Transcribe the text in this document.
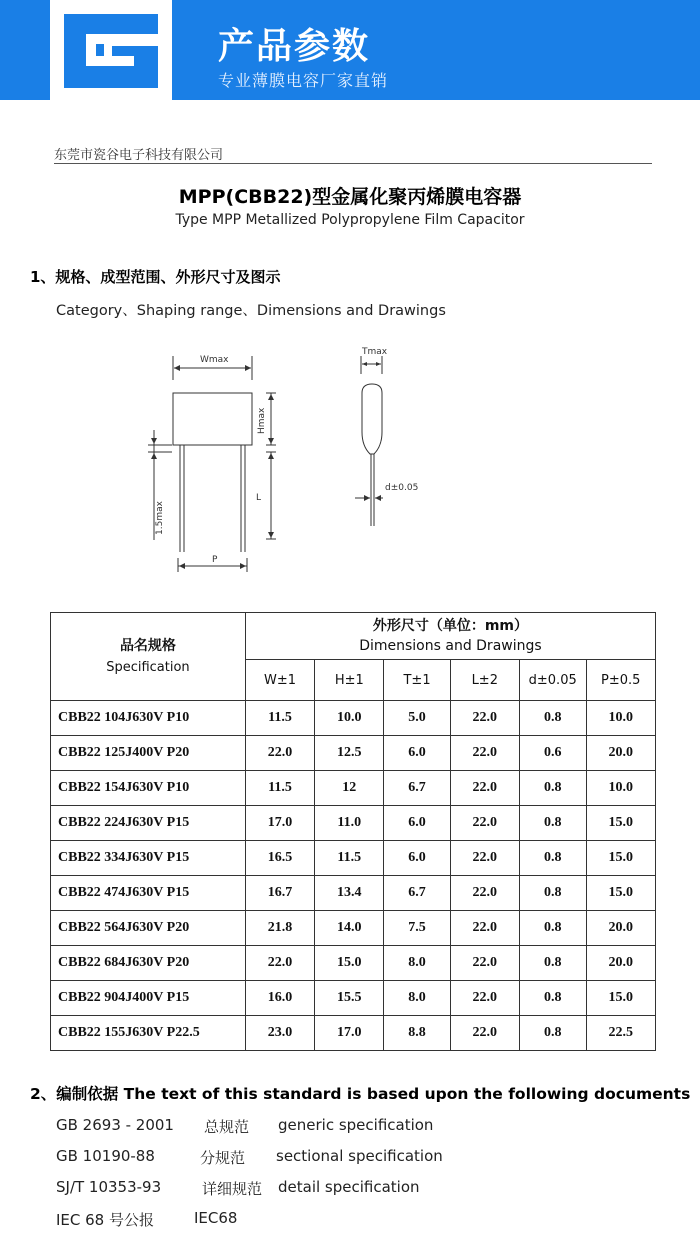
产品参数
专业薄膜电容厂家直销
东莞市瓷谷电子科技有限公司
MPP(CBB22)型金属化聚丙烯膜电容器
Type MPP Metallized Polypropylene Film Capacitor
1、规格、成型范围、外形尺寸及图示
Category、Shaping range、Dimensions and Drawings
Wmax
Tmax
d±0.05
P
L
Hmax
1.5max
品名规格
Specification	外形尺寸（单位：mm）
Dimensions and Drawings					
	W±1	H±1	T±1	L±2	d±0.05	P±0.5
CBB22 104J630V P10	11.5	10.0	5.0	22.0	0.8	10.0
CBB22 125J400V P20	22.0	12.5	6.0	22.0	0.6	20.0
CBB22 154J630V P10	11.5	12	6.7	22.0	0.8	10.0
CBB22 224J630V P15	17.0	11.0	6.0	22.0	0.8	15.0
CBB22 334J630V P15	16.5	11.5	6.0	22.0	0.8	15.0
CBB22 474J630V P15	16.7	13.4	6.7	22.0	0.8	15.0
CBB22 564J630V P20	21.8	14.0	7.5	22.0	0.8	20.0
CBB22 684J630V P20	22.0	15.0	8.0	22.0	0.8	20.0
CBB22 904J400V P15	16.0	15.5	8.0	22.0	0.8	15.0
CBB22 155J630V P22.5	23.0	17.0	8.8	22.0	0.8	22.5
2、编制依据 The text of this standard is based upon the following documents
GB 2693 - 2001 总规范 generic specification
GB 10190-88	分规范 sectional specification
SJ/T 10353-93	详细规范 detail specification
IEC 68 号公报	IEC68
